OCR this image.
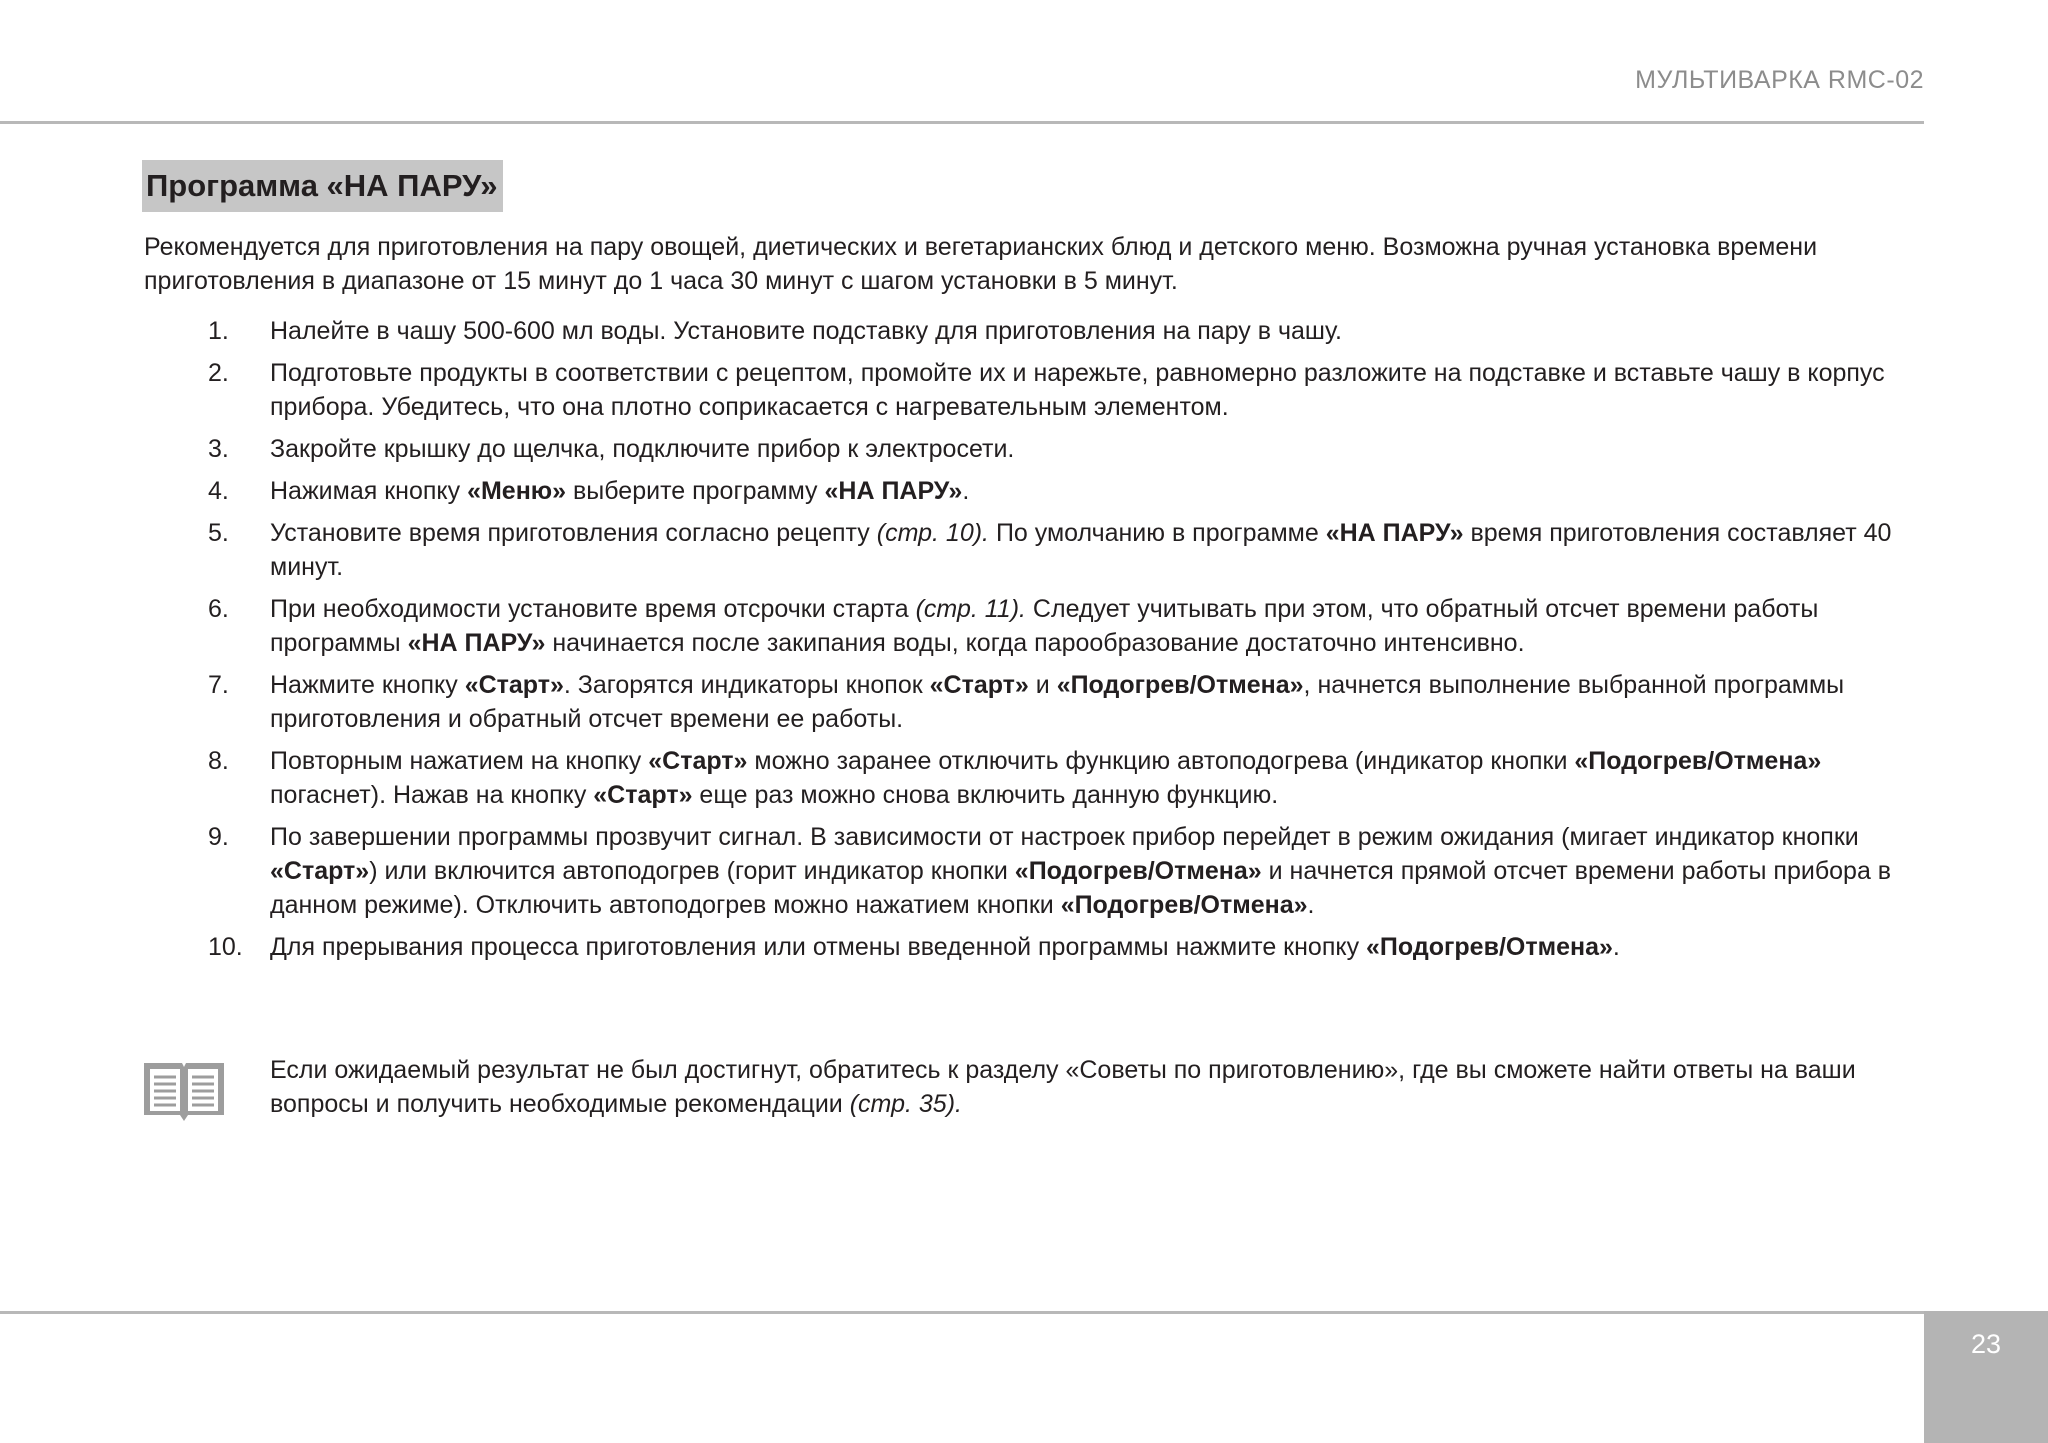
МУЛЬТИВАРКА RMC-02
Программа «НА ПАРУ»

Рекомендуется для приготовления на пару овощей, диетических и вегетарианских блюд и детского меню. Возможна ручная установка времени приготовления в диапазоне от 15 минут до 1 часа 30 минут с шагом установки в 5 минут.

1. Налейте в чашу 500-600 мл воды. Установите подставку для приготовления на пару в чашу.
2. Подготовьте продукты в соответствии с рецептом, промойте их и нарежьте, равномерно разложите на подставке и вставьте чашу в корпус прибора. Убедитесь, что она плотно соприкасается с нагревательным элементом.
3. Закройте крышку до щелчка, подключите прибор к электросети.
4. Нажимая кнопку «Меню» выберите программу «НА ПАРУ».
5. Установите время приготовления согласно рецепту (стр. 10). По умолчанию в программе «НА ПАРУ» время приготовления составляет 40 минут.
6. При необходимости установите время отсрочки старта (стр. 11). Следует учитывать при этом, что обратный отсчет времени работы программы «НА ПАРУ» начинается после закипания воды, когда парообразование достаточно интенсивно.
7. Нажмите кнопку «Старт». Загорятся индикаторы кнопок «Старт» и «Подогрев/Отмена», начнется выполнение выбранной программы приготовления и обратный отсчет времени ее работы.
8. Повторным нажатием на кнопку «Старт» можно заранее отключить функцию автоподогрева (индикатор кнопки «Подогрев/Отмена» погаснет). Нажав на кнопку «Старт» еще раз можно снова включить данную функцию.
9. По завершении программы прозвучит сигнал. В зависимости от настроек прибор перейдет в режим ожидания (мигает индикатор кнопки «Старт») или включится автоподогрев (горит индикатор кнопки «Подогрев/Отмена» и начнется прямой отсчет времени работы прибора в данном режиме). Отключить автоподогрев можно нажатием кнопки «Подогрев/Отмена».
10. Для прерывания процесса приготовления или отмены введенной программы нажмите кнопку «Подогрев/Отмена».
Если ожидаемый результат не был достигнут, обратитесь к разделу «Советы по приготовлению», где вы сможете найти ответы на ваши вопросы и получить необходимые рекомендации (стр. 35).
23
